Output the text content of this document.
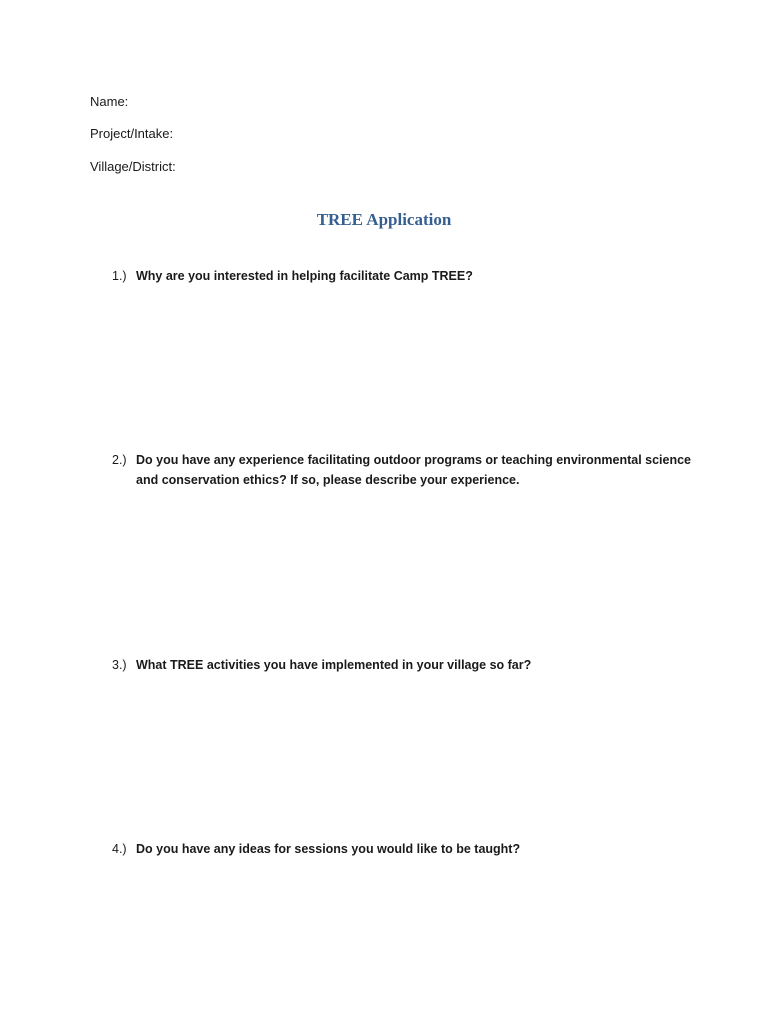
Name:
Project/Intake:
Village/District:
TREE Application
1.) Why are you interested in helping facilitate Camp TREE?
2.) Do you have any experience facilitating outdoor programs or teaching environmental science and conservation ethics? If so, please describe your experience.
3.) What TREE activities you have implemented in your village so far?
4.) Do you have any ideas for sessions you would like to be taught?
